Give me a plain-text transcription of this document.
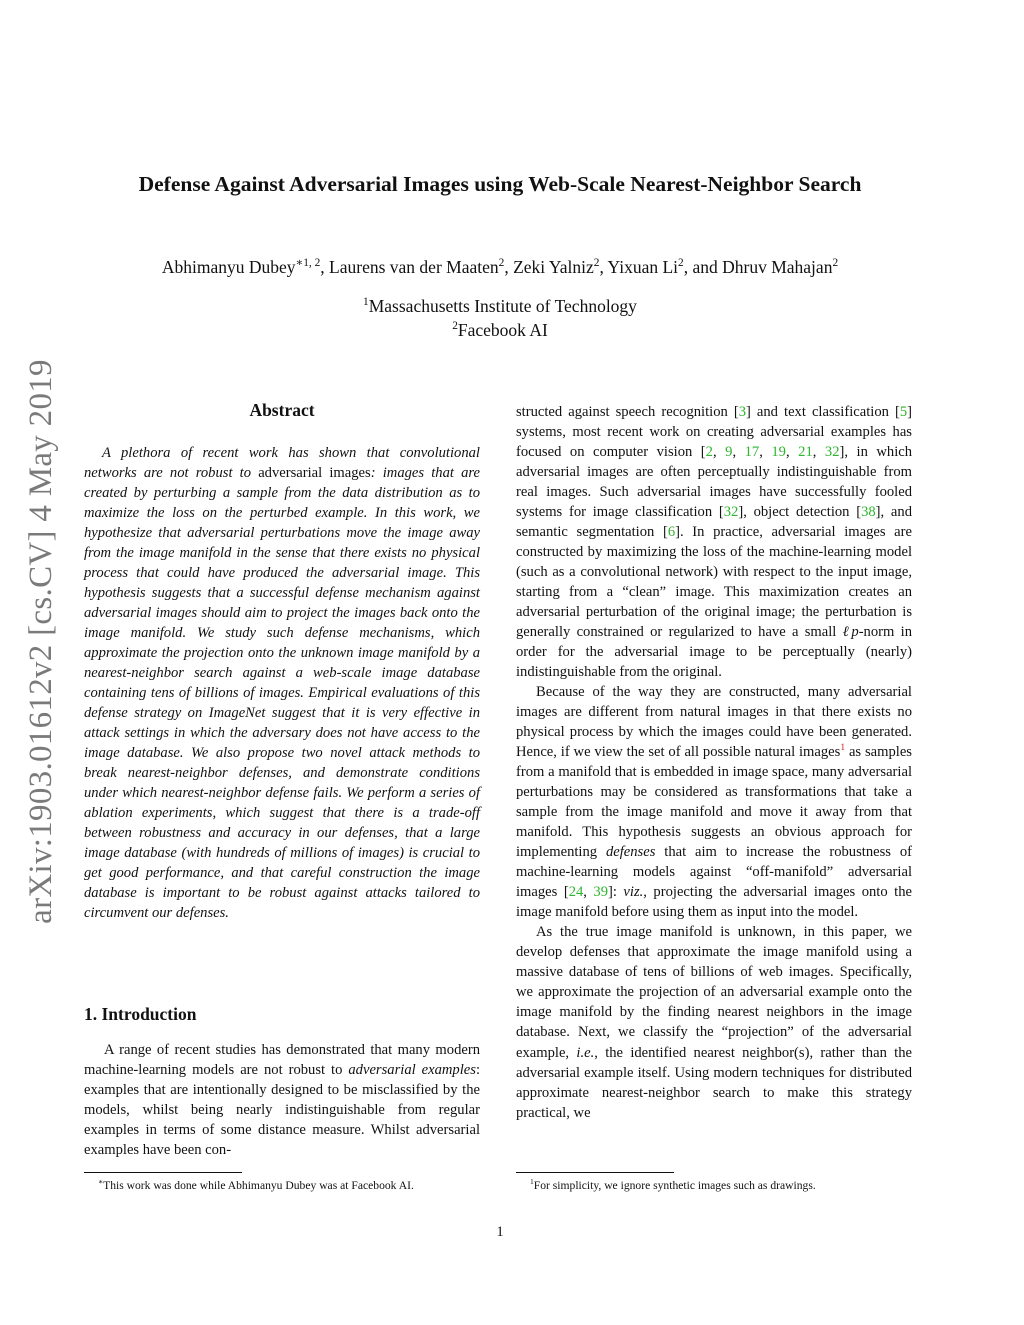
arXiv:1903.01612v2 [cs.CV] 4 May 2019
Defense Against Adversarial Images using Web-Scale Nearest-Neighbor Search

Abhimanyu Dubey$^{∗1, 2}$, Laurens van der Maaten$^2$, Zeki Yalniz$^2$, Yixuan Li$^2$, and Dhruv Mahajan$^2$

$^1$Massachusetts Institute of Technology

$^2$Facebook AI

Abstract

A plethora of recent work has shown that convolutional networks are not robust to adversarial images: images that are created by perturbing a sample from the data distribution as to maximize the loss on the perturbed example. In this work, we hypothesize that adversarial perturbations move the image away from the image manifold in the sense that there exists no physical process that could have produced the adversarial image. This hypothesis suggests that a successful defense mechanism against adversarial images should aim to project the images back onto the image manifold. We study such defense mechanisms, which approximate the projection onto the unknown image manifold by a nearest-neighbor search against a web-scale image database containing tens of billions of images. Empirical evaluations of this defense strategy on ImageNet suggest that it is very effective in attack settings in which the adversary does not have access to the image database. We also propose two novel attack methods to break nearest-neighbor defenses, and demonstrate conditions under which nearest-neighbor defense fails. We perform a series of ablation experiments, which suggest that there is a trade-off between robustness and accuracy in our defenses, that a large image database (with hundreds of millions of images) is crucial to get good performance, and that careful construction the image database is important to be robust against attacks tailored to circumvent our defenses.

1. Introduction

A range of recent studies has demonstrated that many modern machine-learning models are not robust to adversarial examples: examples that are intentionally designed to be misclassified by the models, whilst being nearly indistinguishable from regular examples in terms of some distance measure. Whilst adversarial examples have been con-

structed against speech recognition [3] and text classification [5] systems, most recent work on creating adversarial examples has focused on computer vision [2, 9, 17, 19, 21, 32], in which adversarial images are often perceptually indistinguishable from real images. Such adversarial images have successfully fooled systems for image classification [32], object detection [38], and semantic segmentation [6]. In practice, adversarial images are constructed by maximizing the loss of the machine-learning model (such as a convolutional network) with respect to the input image, starting from a “clean” image. This maximization creates an adversarial perturbation of the original image; the perturbation is generally constrained or regularized to have a small ℓp-norm in order for the adversarial image to be perceptually (nearly) indistinguishable from the original.

Because of the way they are constructed, many adversarial images are different from natural images in that there exists no physical process by which the images could have been generated. Hence, if we view the set of all possible natural images$^1$ as samples from a manifold that is embedded in image space, many adversarial perturbations may be considered as transformations that take a sample from the image manifold and move it away from that manifold. This hypothesis suggests an obvious approach for implementing defenses that aim to increase the robustness of machine-learning models against “off-manifold” adversarial images [24, 39]: viz., projecting the adversarial images onto the image manifold before using them as input into the model.

As the true image manifold is unknown, in this paper, we develop defenses that approximate the image manifold using a massive database of tens of billions of web images. Specifically, we approximate the projection of an adversarial example onto the image manifold by the finding nearest neighbors in the image database. Next, we classify the “projection” of the adversarial example, i.e., the identified nearest neighbor(s), rather than the adversarial example itself. Using modern techniques for distributed approximate nearest-neighbor search to make this strategy practical, we

∗This work was done while Abhimanyu Dubey was at Facebook AI.	$^1$For simplicity, we ignore synthetic images such as drawings.

1
